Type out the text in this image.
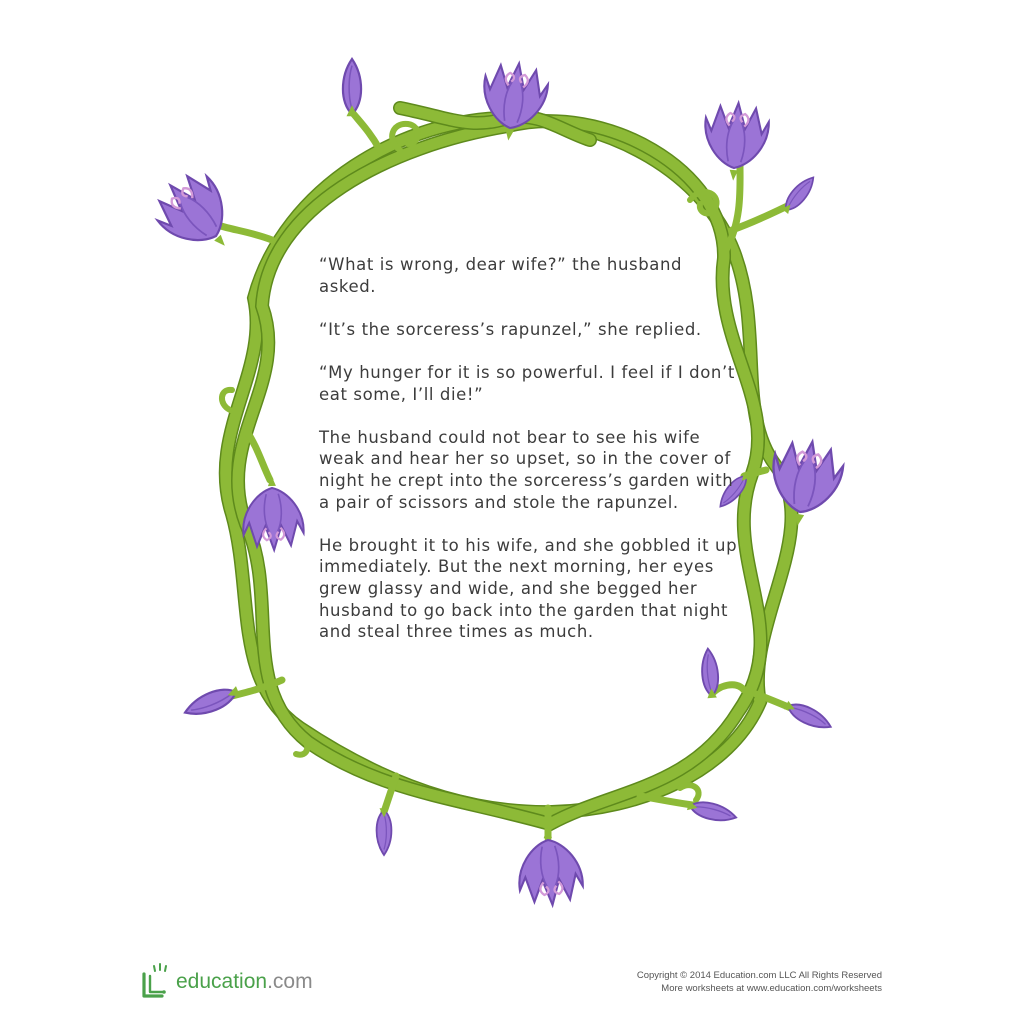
“What is wrong, dear wife?” the husband asked.

“It’s the sorceress’s rapunzel,” she replied.

“My hunger for it is so powerful. I feel if I don’t eat some, I’ll die!”

The husband could not bear to see his wife weak and hear her so upset, so in the cover of night he crept into the sorceress’s garden with a pair of scissors and stole the rapunzel.

He brought it to his wife, and she gobbled it up immediately. But the next morning, her eyes grew glassy and wide, and she begged her husband to go back into the garden that night and steal three times as much.

education.com	Copyright © 2014 Education.com LLC All Rights Reserved
More worksheets at www.education.com/worksheets
